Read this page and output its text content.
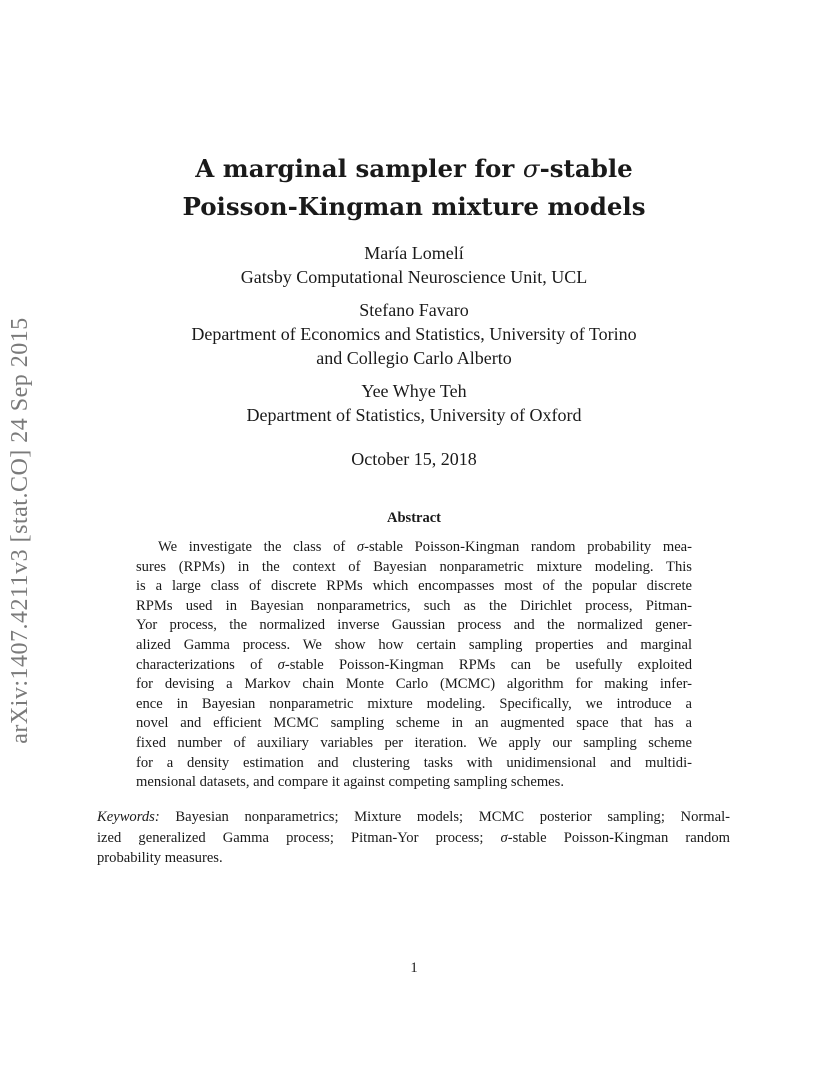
arXiv:1407.4211v3 [stat.CO] 24 Sep 2015
A marginal sampler for σ-stable
Poisson-Kingman mixture models
María Lomelí
Gatsby Computational Neuroscience Unit, UCL
Stefano Favaro
Department of Economics and Statistics, University of Torino
and Collegio Carlo Alberto
Yee Whye Teh
Department of Statistics, University of Oxford
October 15, 2018
Abstract
We investigate the class of σ-stable Poisson-Kingman random probability mea-
sures (RPMs) in the context of Bayesian nonparametric mixture modeling. This
is a large class of discrete RPMs which encompasses most of the popular discrete
RPMs used in Bayesian nonparametrics, such as the Dirichlet process, Pitman-
Yor process, the normalized inverse Gaussian process and the normalized gener-
alized Gamma process. We show how certain sampling properties and marginal
characterizations of σ-stable Poisson-Kingman RPMs can be usefully exploited
for devising a Markov chain Monte Carlo (MCMC) algorithm for making infer-
ence in Bayesian nonparametric mixture modeling. Specifically, we introduce a
novel and efficient MCMC sampling scheme in an augmented space that has a
fixed number of auxiliary variables per iteration. We apply our sampling scheme
for a density estimation and clustering tasks with unidimensional and multidi-
mensional datasets, and compare it against competing sampling schemes.
Keywords: Bayesian nonparametrics; Mixture models; MCMC posterior sampling; Normal-
ized generalized Gamma process; Pitman-Yor process; σ-stable Poisson-Kingman random
probability measures.
1
